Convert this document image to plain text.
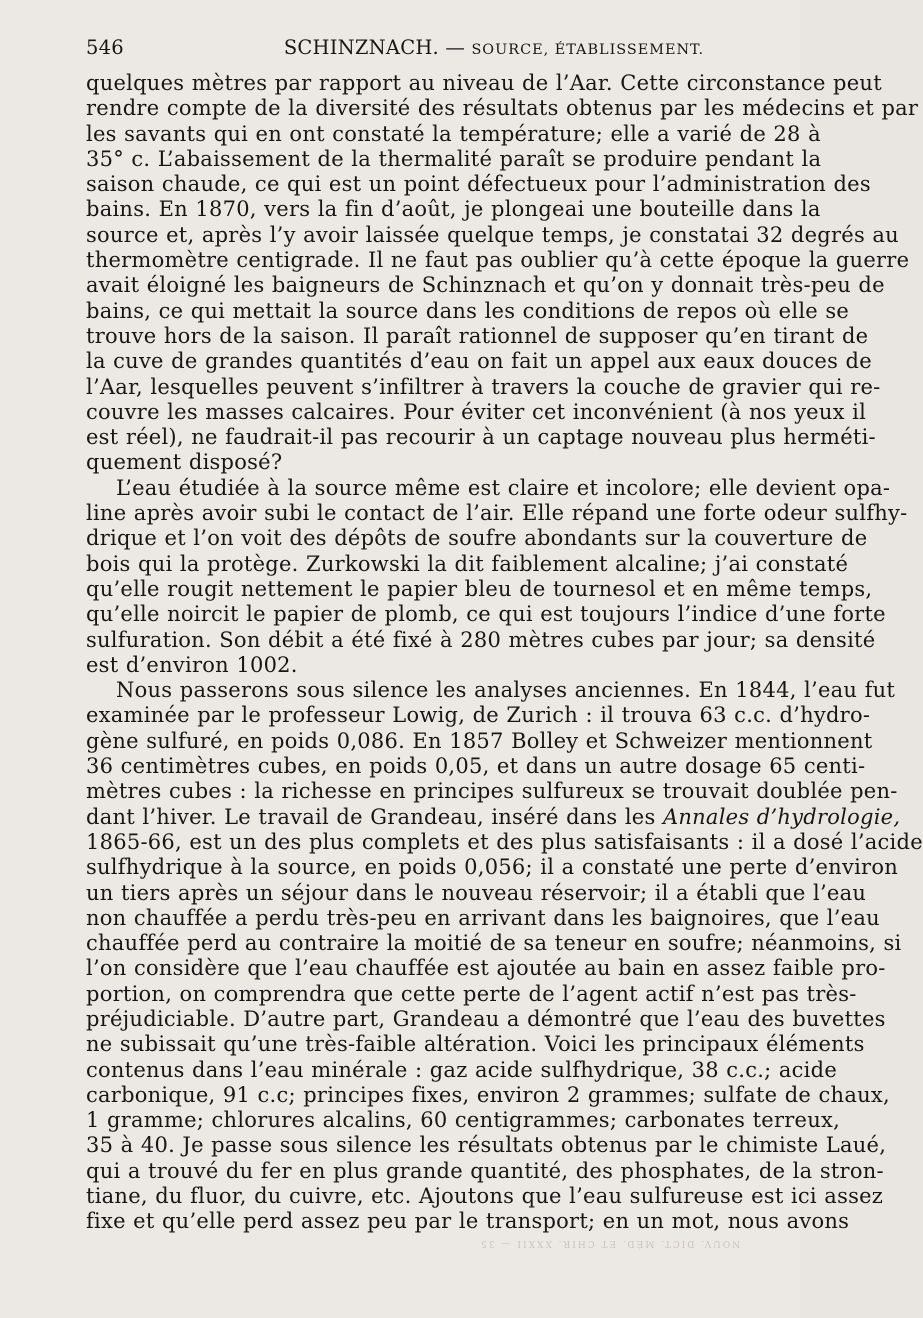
546	SCHINZNACH. — SOURCE, ÉTABLISSEMENT.
quelques mètres par rapport au niveau de l’Aar. Cette circonstance peut
rendre compte de la diversité des résultats obtenus par les médecins et par
les savants qui en ont constaté la température; elle a varié de 28 à
35° c. L’abaissement de la thermalité paraît se produire pendant la
saison chaude, ce qui est un point défectueux pour l’administration des
bains. En 1870, vers la fin d’août, je plongeai une bouteille dans la
source et, après l’y avoir laissée quelque temps, je constatai 32 degrés au
thermomètre centigrade. Il ne faut pas oublier qu’à cette époque la guerre
avait éloigné les baigneurs de Schinznach et qu’on y donnait très-peu de
bains, ce qui mettait la source dans les conditions de repos où elle se
trouve hors de la saison. Il paraît rationnel de supposer qu’en tirant de
la cuve de grandes quantités d’eau on fait un appel aux eaux douces de
l’Aar, lesquelles peuvent s’infiltrer à travers la couche de gravier qui re-
couvre les masses calcaires. Pour éviter cet inconvénient (à nos yeux il
est réel), ne faudrait-il pas recourir à un captage nouveau plus herméti-
quement disposé?
L’eau étudiée à la source même est claire et incolore; elle devient opa-
line après avoir subi le contact de l’air. Elle répand une forte odeur sulfhy-
drique et l’on voit des dépôts de soufre abondants sur la couverture de
bois qui la protège. Zurkowski la dit faiblement alcaline; j’ai constaté
qu’elle rougit nettement le papier bleu de tournesol et en même temps,
qu’elle noircit le papier de plomb, ce qui est toujours l’indice d’une forte
sulfuration. Son débit a été fixé à 280 mètres cubes par jour; sa densité
est d’environ 1002.
Nous passerons sous silence les analyses anciennes. En 1844, l’eau fut
examinée par le professeur Lowig, de Zurich : il trouva 63 c.c. d’hydro-
gène sulfuré, en poids 0,086. En 1857 Bolley et Schweizer mentionnent
36 centimètres cubes, en poids 0,05, et dans un autre dosage 65 centi-
mètres cubes : la richesse en principes sulfureux se trouvait doublée pen-
dant l’hiver. Le travail de Grandeau, inséré dans les Annales d’hydrologie,
1865-66, est un des plus complets et des plus satisfaisants : il a dosé l’acide
sulfhydrique à la source, en poids 0,056; il a constaté une perte d’environ
un tiers après un séjour dans le nouveau réservoir; il a établi que l’eau
non chauffée a perdu très-peu en arrivant dans les baignoires, que l’eau
chauffée perd au contraire la moitié de sa teneur en soufre; néanmoins, si
l’on considère que l’eau chauffée est ajoutée au bain en assez faible pro-
portion, on comprendra que cette perte de l’agent actif n’est pas très-
préjudiciable. D’autre part, Grandeau a démontré que l’eau des buvettes
ne subissait qu’une très-faible altération. Voici les principaux éléments
contenus dans l’eau minérale : gaz acide sulfhydrique, 38 c.c.; acide
carbonique, 91 c.c; principes fixes, environ 2 grammes; sulfate de chaux,
1 gramme; chlorures alcalins, 60 centigrammes; carbonates terreux,
35 à 40. Je passe sous silence les résultats obtenus par le chimiste Laué,
qui a trouvé du fer en plus grande quantité, des phosphates, de la stron-
tiane, du fluor, du cuivre, etc. Ajoutons que l’eau sulfureuse est ici assez
fixe et qu’elle perd assez peu par le transport; en un mot, nous avons
NOUV. DICT. MÉD. ET CHIR. XXXII — 35
